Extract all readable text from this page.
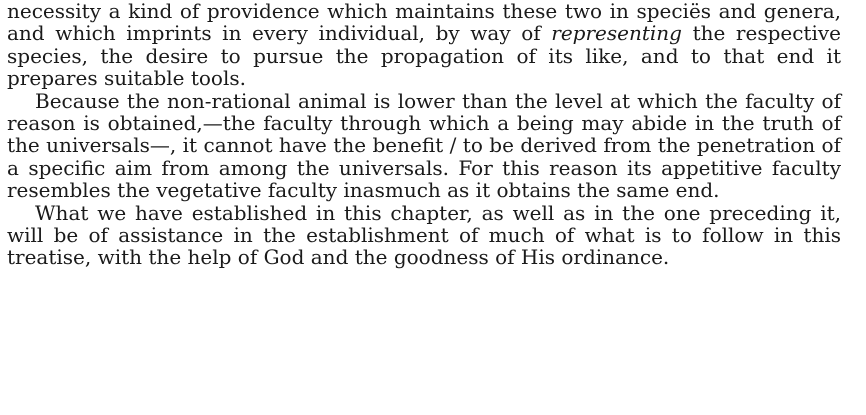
necessity a kind of providence which maintains these two in speciës and genera, and which imprints in every individual, by way of representing the respective species, the desire to pursue the propagation of its like, and to that end it prepares suitable tools.

Because the non-rational animal is lower than the level at which the faculty of reason is obtained,—the faculty through which a being may abide in the truth of the universals—, it cannot have the benefit / to be derived from the penetration of a specific aim from among the universals. For this reason its appetitive faculty resembles the vegetative faculty inasmuch as it obtains the same end.

What we have established in this chapter, as well as in the one preceding it, will be of assistance in the establishment of much of what is to follow in this treatise, with the help of God and the goodness of His ordinance.
